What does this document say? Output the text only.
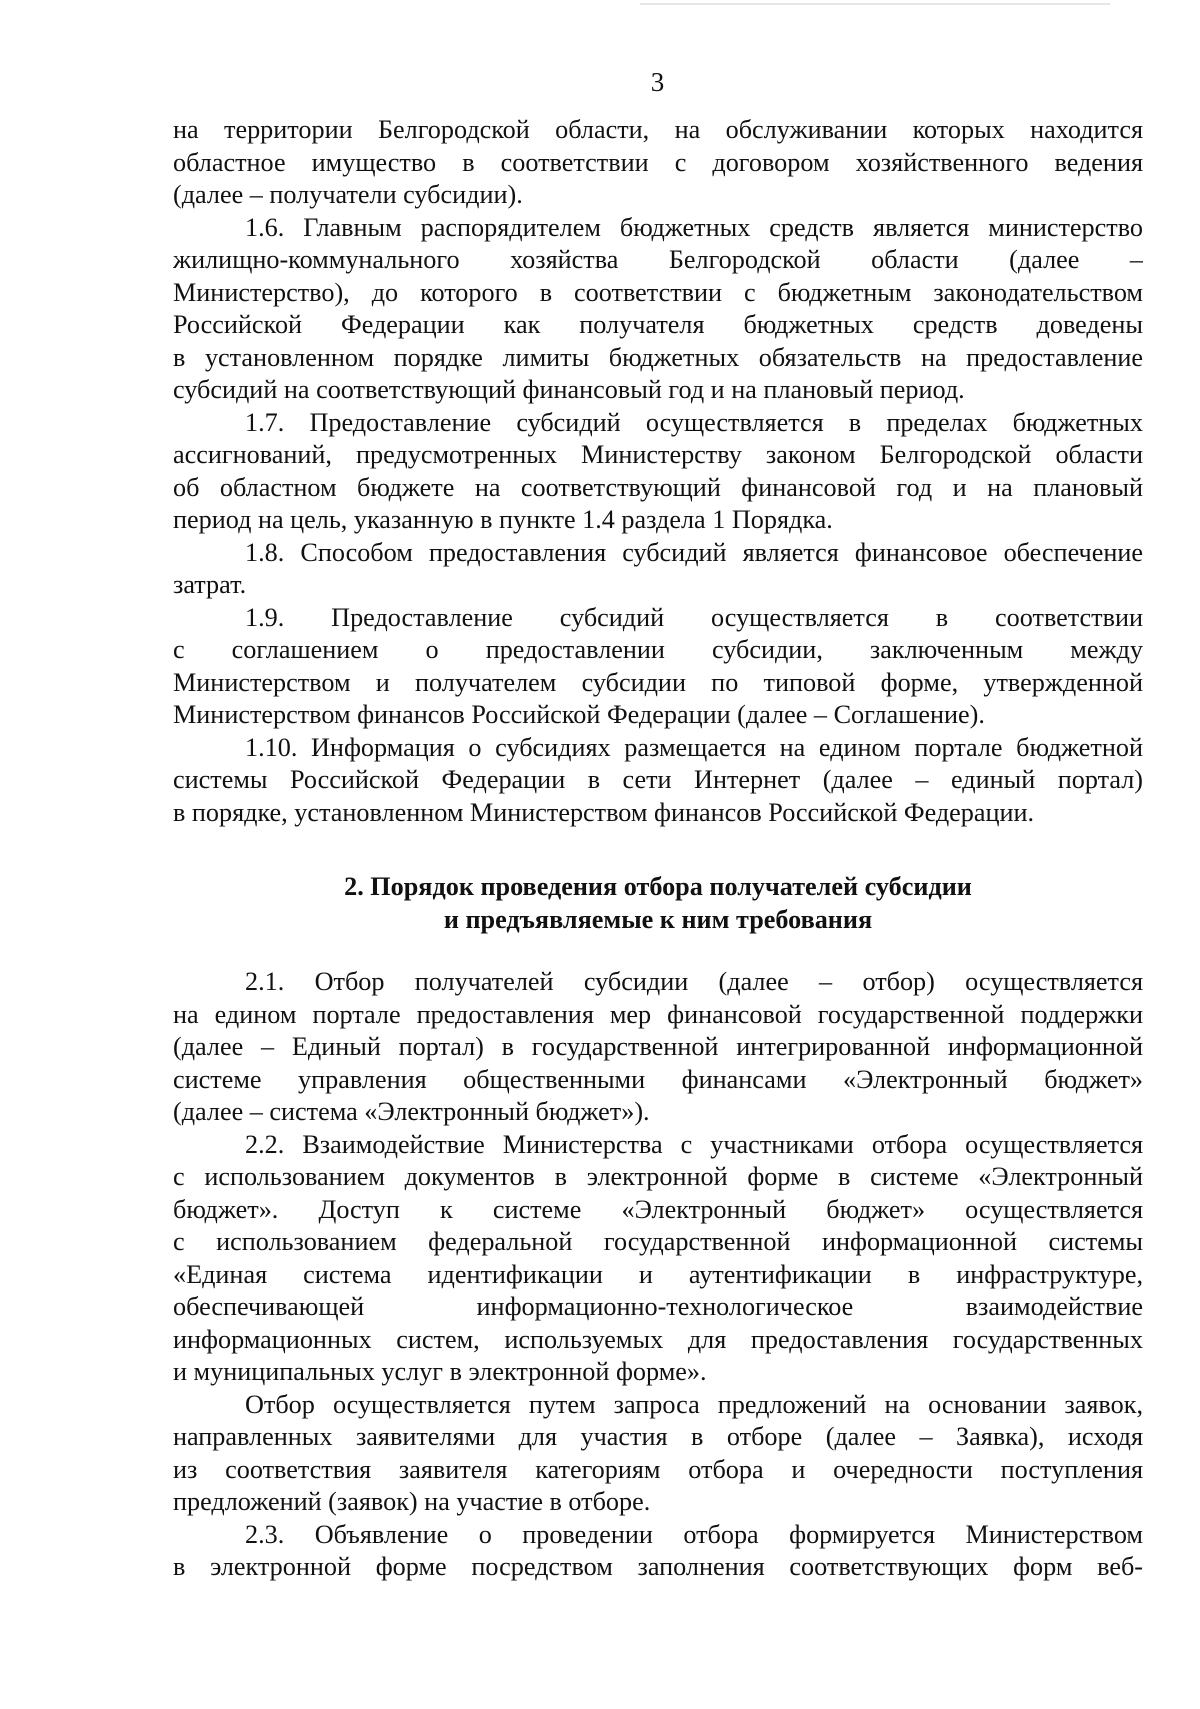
3
на территории Белгородской области, на обслуживании которых находится
областное имущество в соответствии с договором хозяйственного ведения
(далее – получатели субсидии).
1.6. Главным распорядителем бюджетных средств является министерство
жилищно-коммунального хозяйства Белгородской области (далее –
Министерство), до которого в соответствии с бюджетным законодательством
Российской Федерации как получателя бюджетных средств доведены
в установленном порядке лимиты бюджетных обязательств на предоставление
субсидий на соответствующий финансовый год и на плановый период.
1.7. Предоставление субсидий осуществляется в пределах бюджетных
ассигнований, предусмотренных Министерству законом Белгородской области
об областном бюджете на соответствующий финансовой год и на плановый
период на цель, указанную в пункте 1.4 раздела 1 Порядка.
1.8. Способом предоставления субсидий является финансовое обеспечение
затрат.
1.9. Предоставление субсидий осуществляется в соответствии
с соглашением о предоставлении субсидии, заключенным между
Министерством и получателем субсидии по типовой форме, утвержденной
Министерством финансов Российской Федерации (далее – Соглашение).
1.10. Информация о субсидиях размещается на едином портале бюджетной
системы Российской Федерации в сети Интернет (далее – единый портал)
в порядке, установленном Министерством финансов Российской Федерации.
2. Порядок проведения отбора получателей субсидии
и предъявляемые к ним требования
2.1. Отбор получателей субсидии (далее – отбор) осуществляется
на едином портале предоставления мер финансовой государственной поддержки
(далее – Единый портал) в государственной интегрированной информационной
системе управления общественными финансами «Электронный бюджет»
(далее – система «Электронный бюджет»).
2.2. Взаимодействие Министерства с участниками отбора осуществляется
с использованием документов в электронной форме в системе «Электронный
бюджет». Доступ к системе «Электронный бюджет» осуществляется
с использованием федеральной государственной информационной системы
«Единая система идентификации и аутентификации в инфраструктуре,
обеспечивающей информационно-технологическое взаимодействие
информационных систем, используемых для предоставления государственных
и муниципальных услуг в электронной форме».
Отбор осуществляется путем запроса предложений на основании заявок,
направленных заявителями для участия в отборе (далее – Заявка), исходя
из соответствия заявителя категориям отбора и очередности поступления
предложений (заявок) на участие в отборе.
2.3. Объявление о проведении отбора формируется Министерством
в электронной форме посредством заполнения соответствующих форм веб-
